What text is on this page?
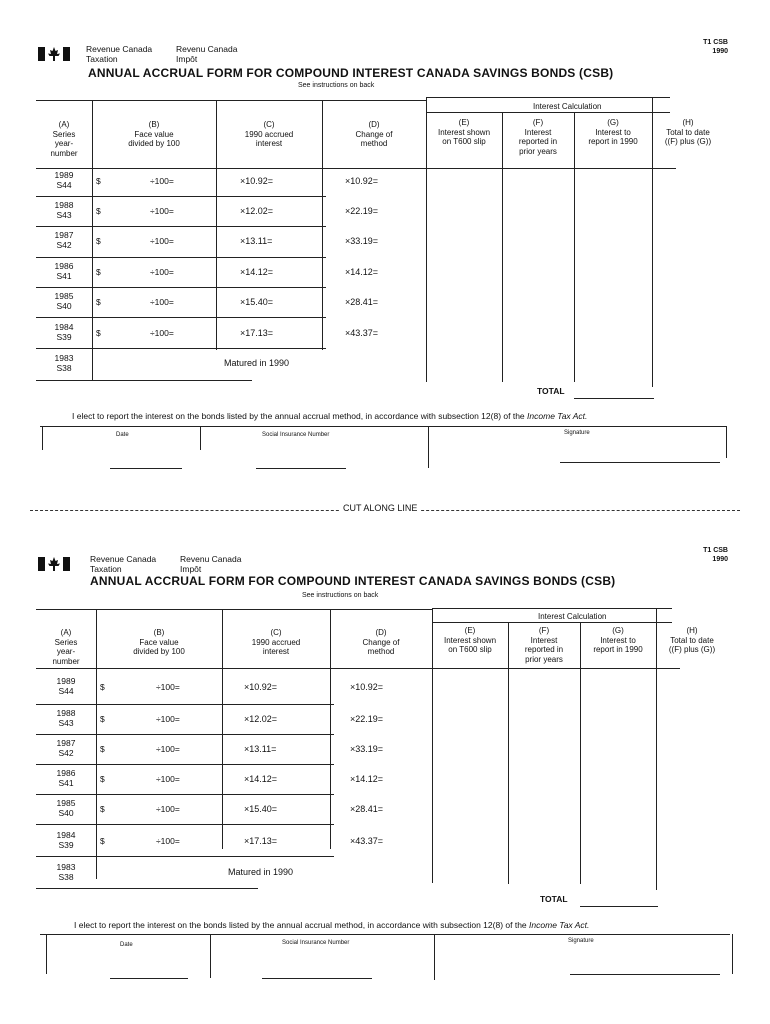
Revenue Canada
Taxation
Revenu Canada
Impôt
T1 CSB
1990
ANNUAL ACCRUAL FORM FOR COMPOUND INTEREST CANADA SAVINGS BONDS (CSB)
See instructions on back
Interest Calculation
(A)
Series
year-
number
(B)
Face value
divided by 100
(C)
1990 accrued
interest
(D)
Change of
method
(E)
Interest shown
on T600 slip
(F)
Interest
reported in
prior years
(G)
Interest to
report in 1990
(H)
Total to date
((F) plus (G))
1989
S44	$	÷100=	×10.92=	×10.92=
1988
S43	$	÷100=	×12.02=	×22.19=
1987
S42	$	÷100=	×13.11=	×33.19=
1986
S41	$	÷100=	×14.12=	×14.12=
1985
S40	$	÷100=	×15.40=	×28.41=
1984
S39	$	÷100=	×17.13=	×43.37=
1983
S38	Matured in 1990
TOTAL
I elect to report the interest on the bonds listed by the annual accrual method, in accordance with subsection 12(8) of the Income Tax Act.
Date	Social Insurance Number	Signature
CUT ALONG LINE
Revenue Canada
Taxation
Revenu Canada
Impôt
T1 CSB
1990
ANNUAL ACCRUAL FORM FOR COMPOUND INTEREST CANADA SAVINGS BONDS (CSB)
See instructions on back
Interest Calculation
(A)
Series
year-
number
(B)
Face value
divided by 100
(C)
1990 accrued
interest
(D)
Change of
method
(E)
Interest shown
on T600 slip
(F)
Interest
reported in
prior years
(G)
Interest to
report in 1990
(H)
Total to date
((F) plus (G))
1989
S44	$	÷100=	×10.92=	×10.92=
1988
S43	$	÷100=	×12.02=	×22.19=
1987
S42	$	÷100=	×13.11=	×33.19=
1986
S41	$	÷100=	×14.12=	×14.12=
1985
S40	$	÷100=	×15.40=	×28.41=
1984
S39	$	÷100=	×17.13=	×43.37=
1983
S38	Matured in 1990
TOTAL
I elect to report the interest on the bonds listed by the annual accrual method, in accordance with subsection 12(8) of the Income Tax Act.
Date	Social Insurance Number	Signature
